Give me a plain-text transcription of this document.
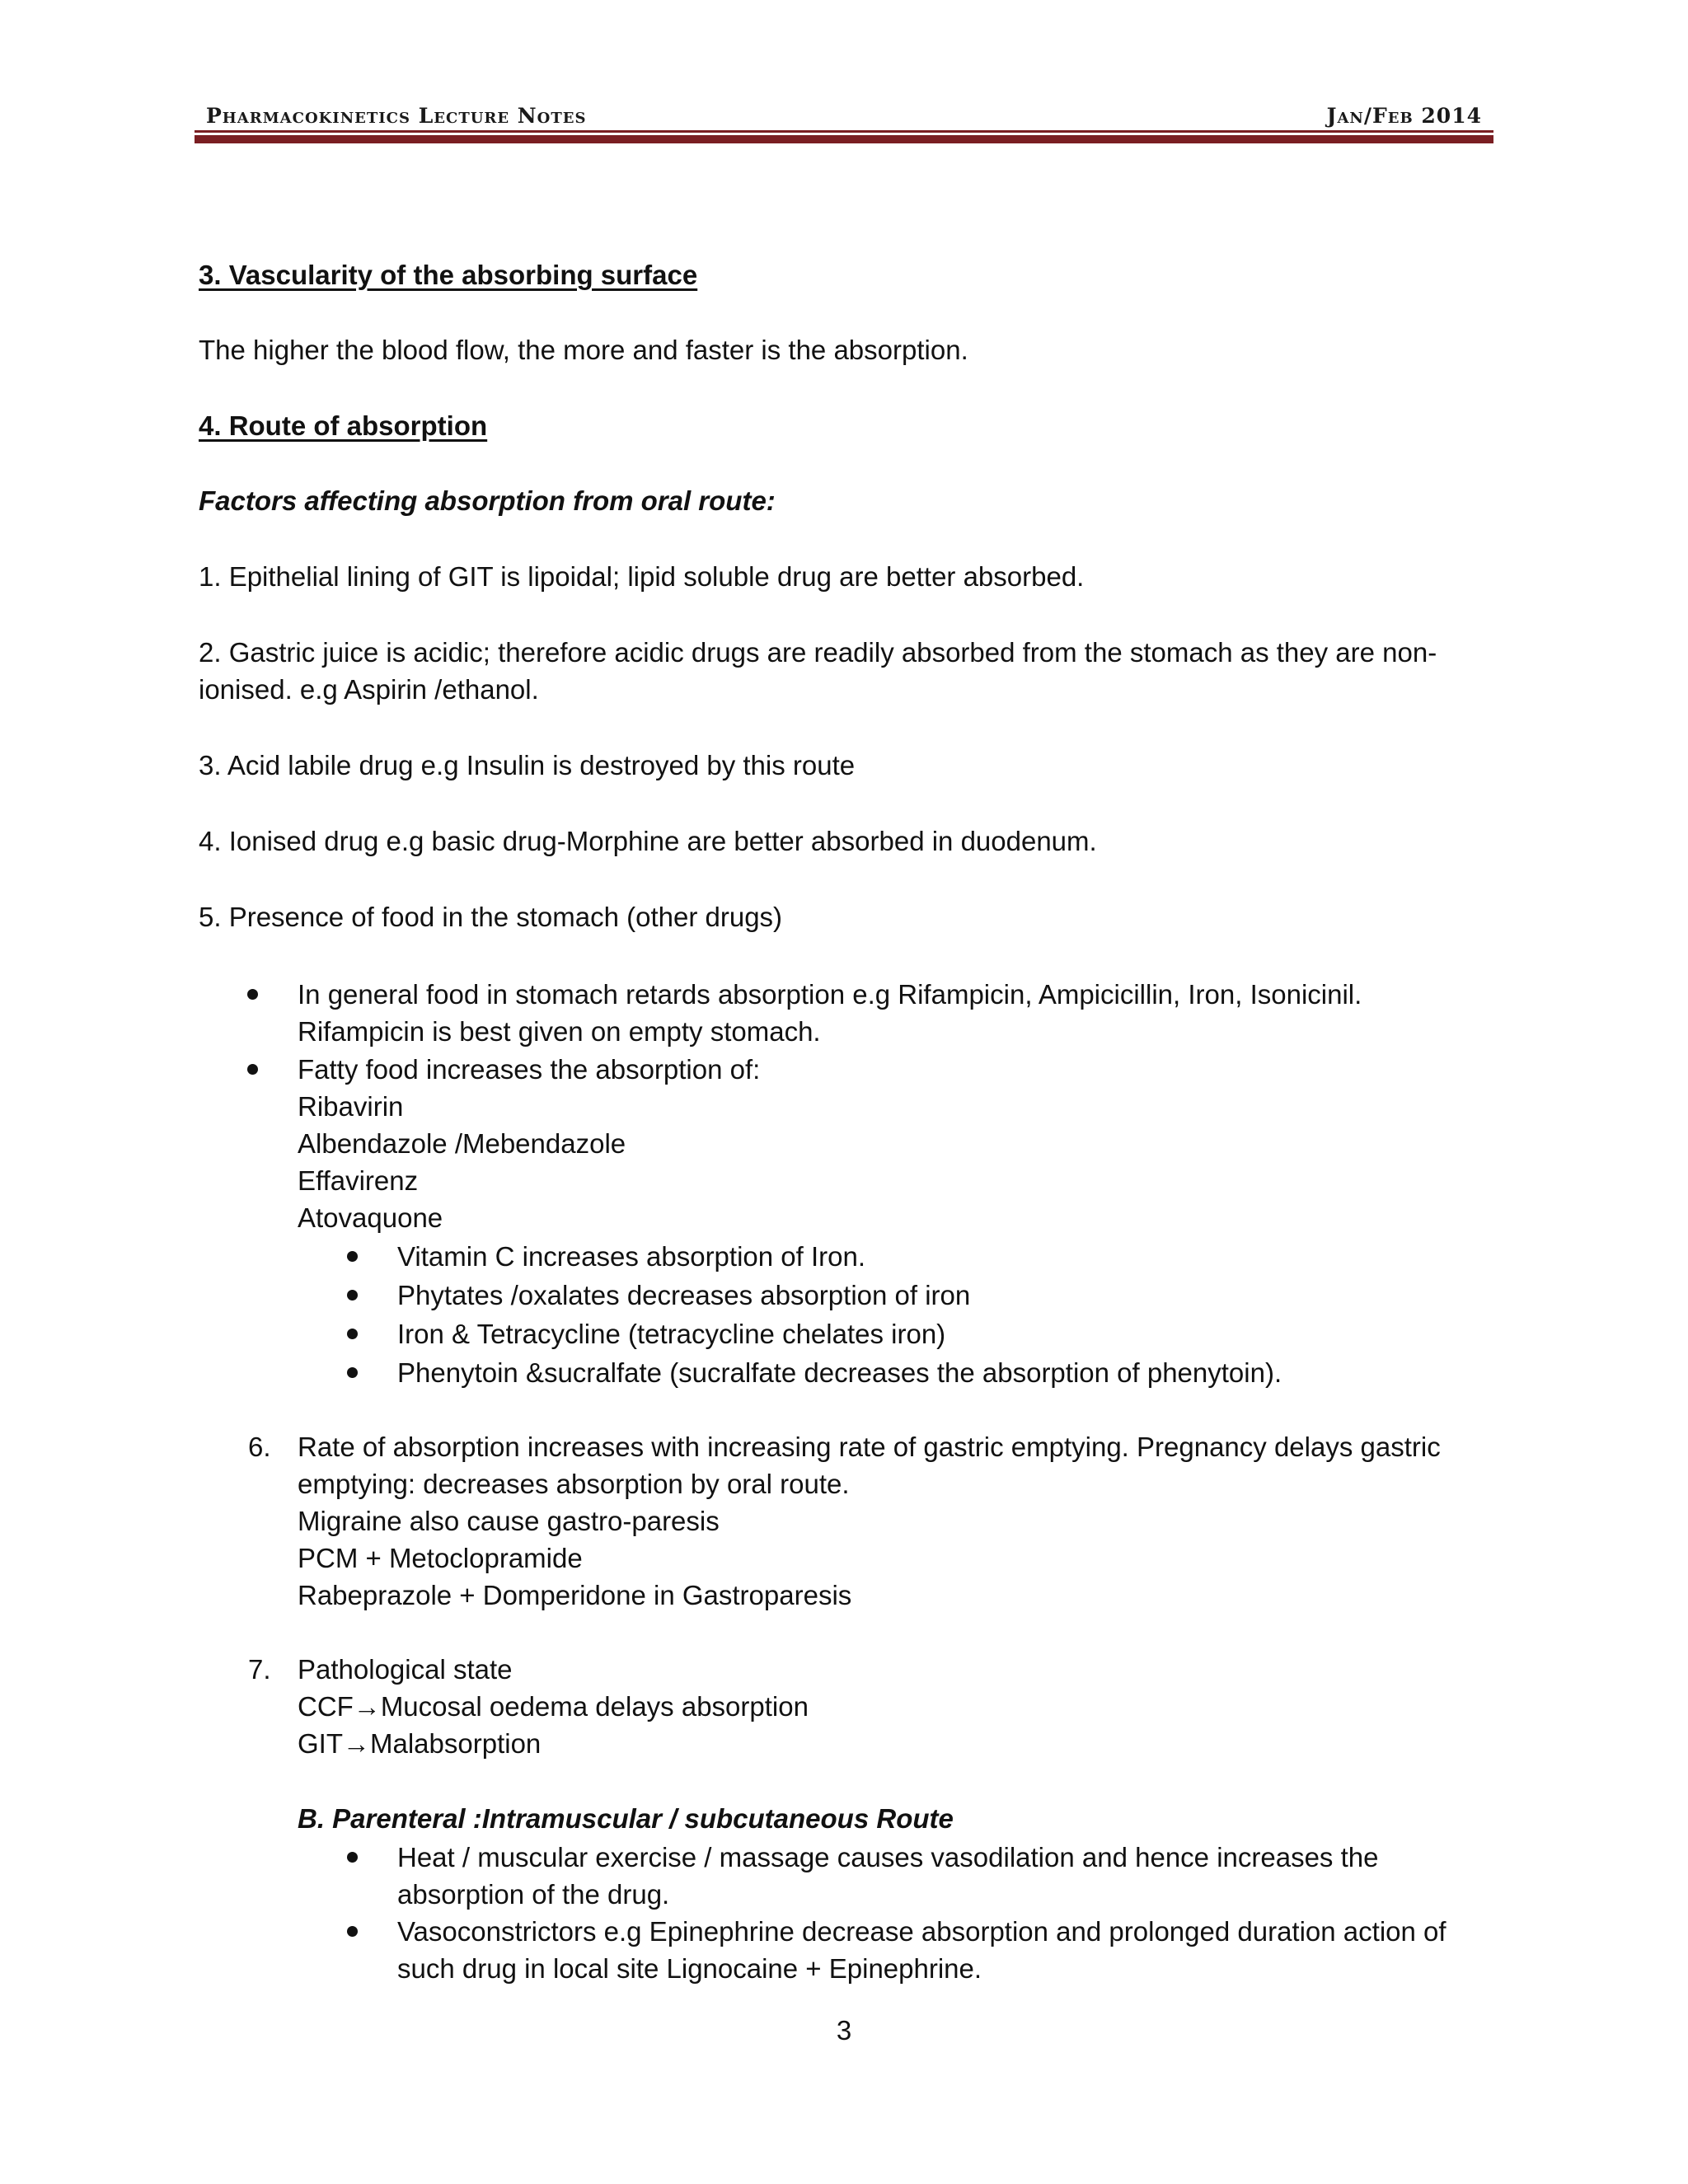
Pharmacokinetics Lecture Notes	Jan/Feb 2014
3. Vascularity of the absorbing surface
The higher the blood flow, the more and faster is the absorption.
4. Route of absorption
Factors affecting absorption from oral route:
1. Epithelial lining of GIT is lipoidal; lipid soluble drug are better absorbed.
2. Gastric juice is acidic; therefore acidic drugs are readily absorbed from the stomach as they are non-
ionised. e.g Aspirin /ethanol.
3. Acid labile drug e.g Insulin is destroyed by this route
4. Ionised drug e.g basic drug-Morphine are better absorbed in duodenum.
5. Presence of food in the stomach (other drugs)
In general food in stomach retards absorption e.g Rifampicin, Ampicicillin, Iron, Isonicinil.
Rifampicin is best given on empty stomach.
Fatty food increases the absorption of:
Ribavirin
Albendazole /Mebendazole
Effavirenz
Atovaquone
Vitamin C increases absorption of Iron.
Phytates /oxalates decreases absorption of iron
Iron & Tetracycline (tetracycline chelates iron)
Phenytoin &sucralfate (sucralfate decreases the absorption of phenytoin).
6. Rate of absorption increases with increasing rate of gastric emptying. Pregnancy delays gastric
emptying: decreases absorption by oral route.
Migraine also cause gastro-paresis
PCM + Metoclopramide
Rabeprazole + Domperidone in Gastroparesis
7. Pathological state
CCF→Mucosal oedema delays absorption
GIT→Malabsorption
B. Parenteral :Intramuscular / subcutaneous Route
Heat / muscular exercise / massage causes vasodilation and hence increases the
absorption of the drug.
Vasoconstrictors e.g Epinephrine decrease absorption and prolonged duration action of
such drug in local site Lignocaine + Epinephrine.
3
